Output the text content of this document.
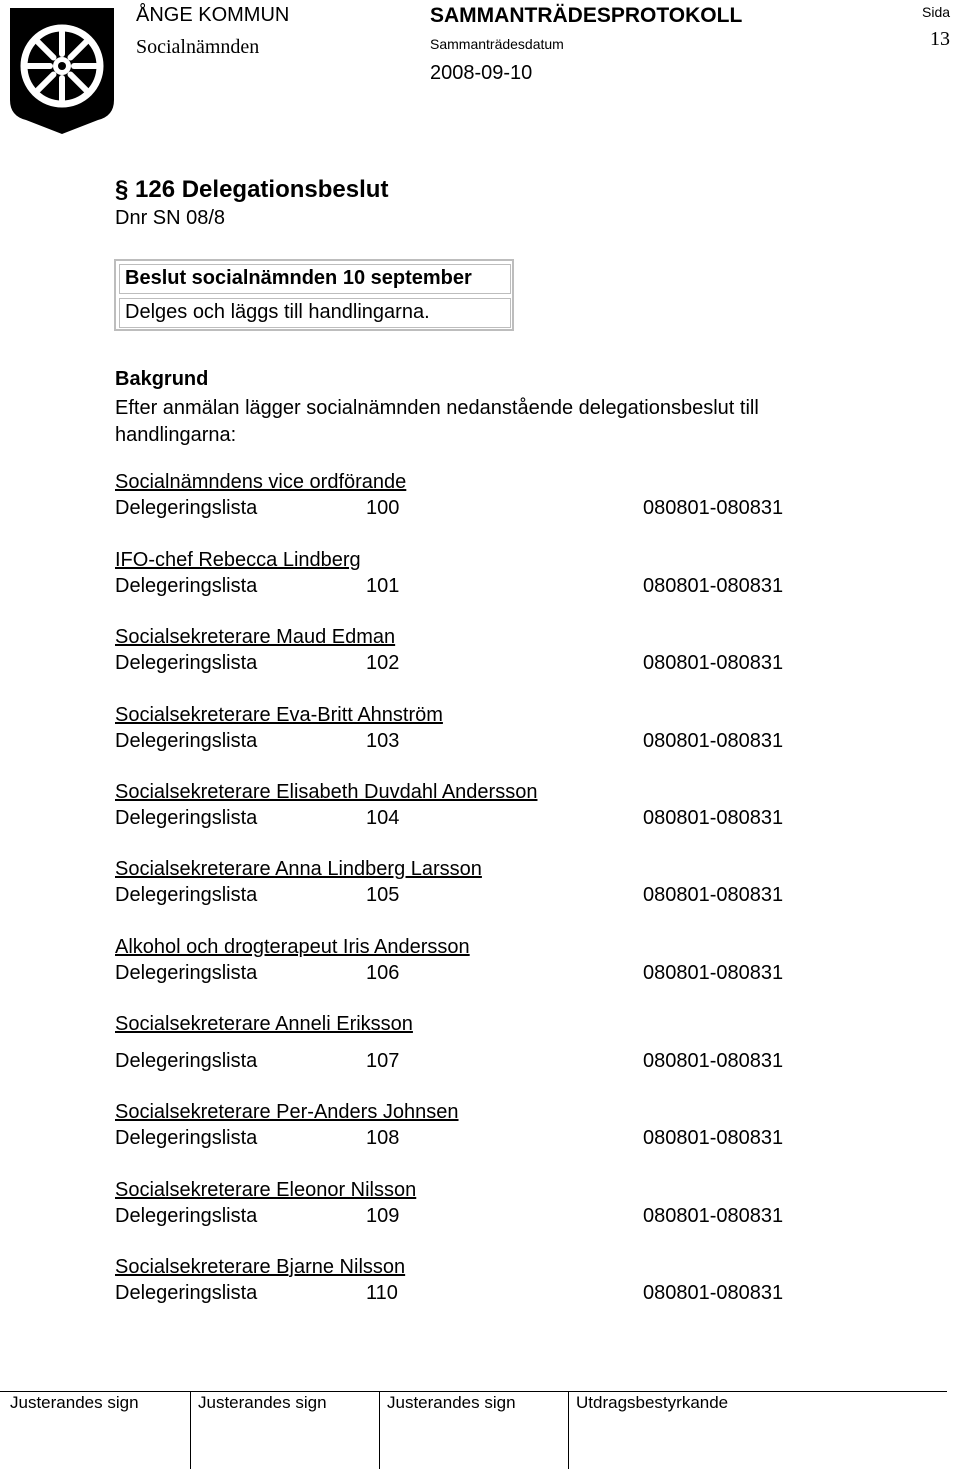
ÅNGE KOMMUN
Socialnämnden
SAMMANTRÄDESPROTOKOLL
Sammanträdesdatum
2008-09-10
Sida
13
§ 126 Delegationsbeslut
Dnr SN 08/8
Beslut socialnämnden 10 september
Delges och läggs till handlingarna.
Bakgrund
Efter anmälan lägger socialnämnden nedanstående delegationsbeslut till handlingarna:
Socialnämndens vice ordförande
Delegeringslista	100	080801-080831
IFO-chef Rebecca Lindberg
Delegeringslista	101	080801-080831
Socialsekreterare Maud Edman
Delegeringslista	102	080801-080831
Socialsekreterare Eva-Britt Ahnström
Delegeringslista	103	080801-080831
Socialsekreterare Elisabeth Duvdahl Andersson
Delegeringslista	104	080801-080831
Socialsekreterare Anna Lindberg Larsson
Delegeringslista	105	080801-080831
Alkohol och drogterapeut Iris Andersson
Delegeringslista	106	080801-080831
Socialsekreterare Anneli Eriksson
Delegeringslista	107	080801-080831
Socialsekreterare Per-Anders Johnsen
Delegeringslista	108	080801-080831
Socialsekreterare Eleonor Nilsson
Delegeringslista	109	080801-080831
Socialsekreterare Bjarne Nilsson
Delegeringslista	110	080801-080831
Justerandes sign	Justerandes sign	Justerandes sign	Utdragsbestyrkande
